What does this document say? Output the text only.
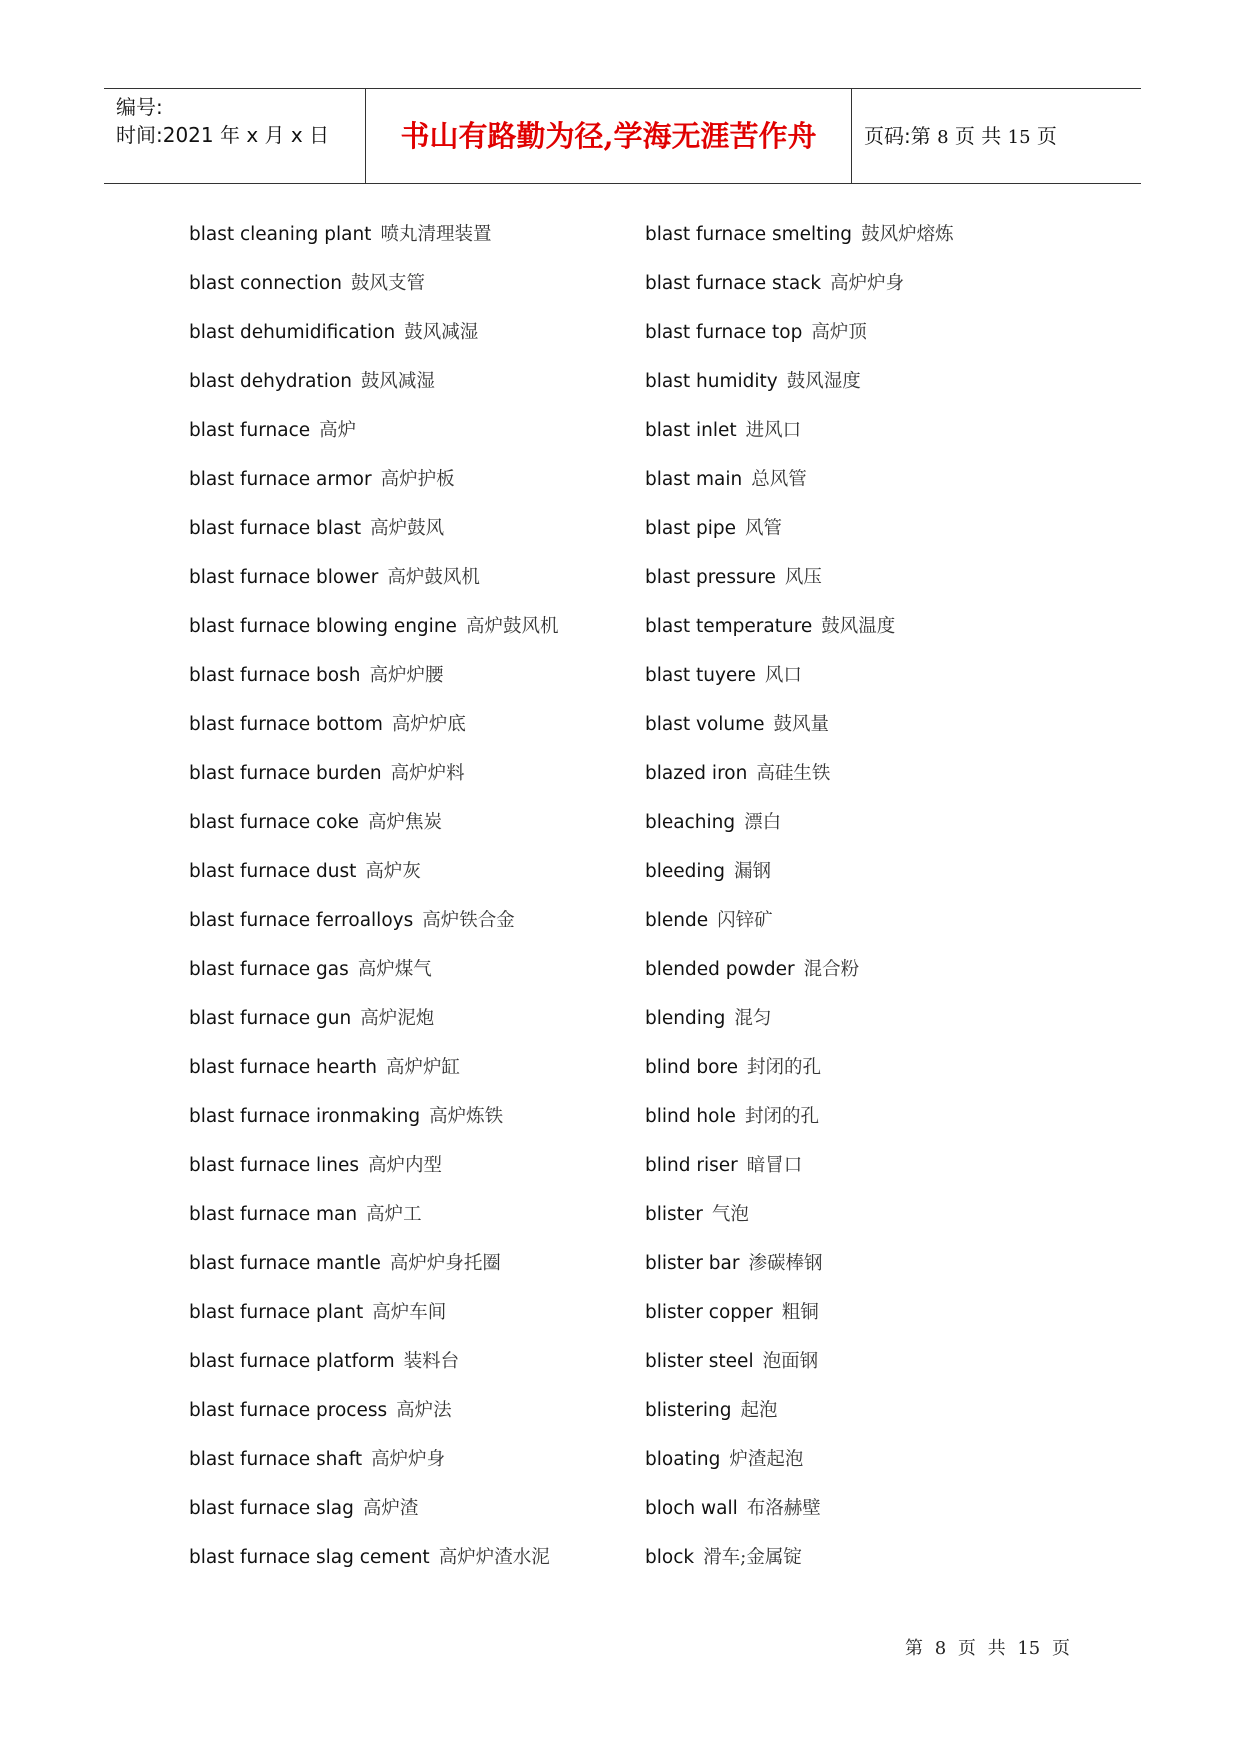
编号:
时间:2021 年 x 月 x 日	书山有路勤为径,学海无涯苦作舟	页码:第 8 页 共 15 页
blast cleaning plant 喷丸清理装置
blast connection 鼓风支管
blast dehumidification 鼓风减湿
blast dehydration 鼓风减湿
blast furnace 高炉
blast furnace armor 高炉护板
blast furnace blast 高炉鼓风
blast furnace blower 高炉鼓风机
blast furnace blowing engine 高炉鼓风机
blast furnace bosh 高炉炉腰
blast furnace bottom 高炉炉底
blast furnace burden 高炉炉料
blast furnace coke 高炉焦炭
blast furnace dust 高炉灰
blast furnace ferroalloys 高炉铁合金
blast furnace gas 高炉煤气
blast furnace gun 高炉泥炮
blast furnace hearth 高炉炉缸
blast furnace ironmaking 高炉炼铁
blast furnace lines 高炉内型
blast furnace man 高炉工
blast furnace mantle 高炉炉身托圈
blast furnace plant 高炉车间
blast furnace platform 装料台
blast furnace process 高炉法
blast furnace shaft 高炉炉身
blast furnace slag 高炉渣
blast furnace slag cement 高炉炉渣水泥
blast furnace smelting 鼓风炉熔炼
blast furnace stack 高炉炉身
blast furnace top 高炉顶
blast humidity 鼓风湿度
blast inlet 进风口
blast main 总风管
blast pipe 风管
blast pressure 风压
blast temperature 鼓风温度
blast tuyere 风口
blast volume 鼓风量
blazed iron 高硅生铁
bleaching 漂白
bleeding 漏钢
blende 闪锌矿
blended powder 混合粉
blending 混匀
blind bore 封闭的孔
blind hole 封闭的孔
blind riser 暗冒口
blister 气泡
blister bar 渗碳棒钢
blister copper 粗铜
blister steel 泡面钢
blistering 起泡
bloating 炉渣起泡
bloch wall 布洛赫壁
block 滑车;金属锭
第 8 页 共 15 页
